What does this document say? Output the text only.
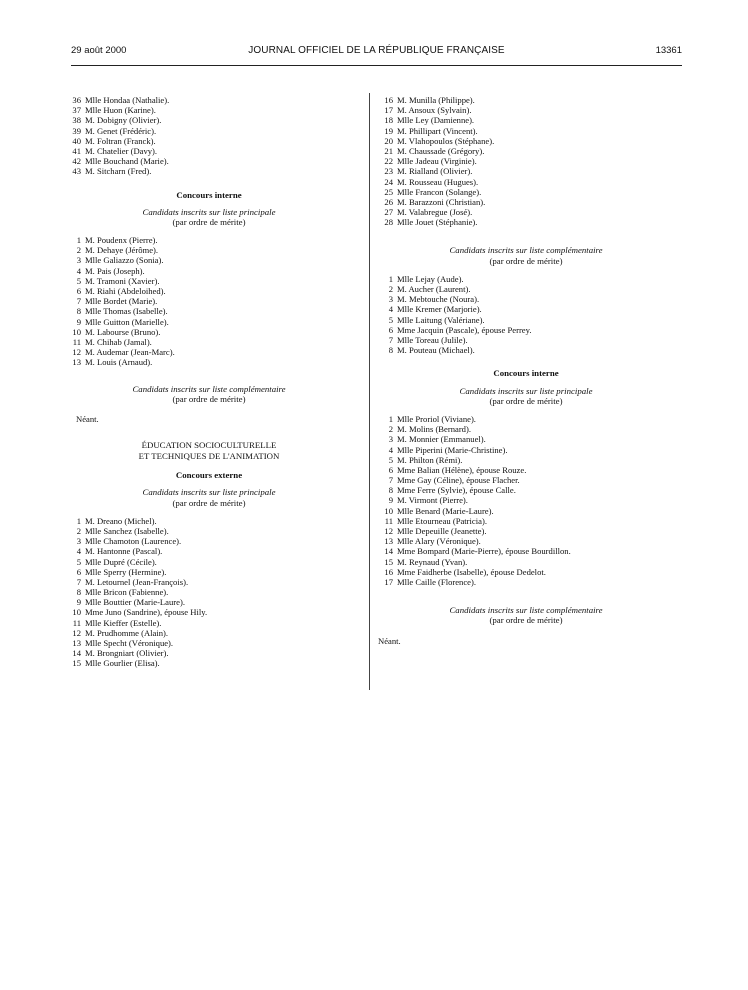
29 août 2000	JOURNAL OFFICIEL DE LA RÉPUBLIQUE FRANÇAISE	13361
36 Mlle Hondaa (Nathalie).
37 Mlle Huon (Karine).
38 M. Dobigny (Olivier).
39 M. Genet (Frédéric).
40 M. Foltran (Franck).
41 M. Chatelier (Davy).
42 Mlle Bouchand (Marie).
43 M. Sitcharn (Fred).
Concours interne
Candidats inscrits sur liste principale
(par ordre de mérite)
1 M. Poudenx (Pierre).
2 M. Dehaye (Jérôme).
3 Mlle Galiazzo (Sonia).
4 M. Pais (Joseph).
5 M. Tramoni (Xavier).
6 M. Riahi (Abdeloihed).
7 Mlle Bordet (Marie).
8 Mlle Thomas (Isabelle).
9 Mlle Guitton (Marielle).
10 M. Labourse (Bruno).
11 M. Chihab (Jamal).
12 M. Audemar (Jean-Marc).
13 M. Louis (Arnaud).
Candidats inscrits sur liste complémentaire
(par ordre de mérite)
Néant.
ÉDUCATION SOCIOCULTURELLE
ET TECHNIQUES DE L'ANIMATION
Concours externe
Candidats inscrits sur liste principale
(par ordre de mérite)
1 M. Dreano (Michel).
2 Mlle Sanchez (Isabelle).
3 Mlle Chamoton (Laurence).
4 M. Hantonne (Pascal).
5 Mlle Dupré (Cécile).
6 Mlle Sperry (Hermine).
7 M. Letournel (Jean-François).
8 Mlle Bricon (Fabienne).
9 Mlle Bouttier (Marie-Laure).
10 Mme Juno (Sandrine), épouse Hily.
11 Mlle Kieffer (Estelle).
12 M. Prudhomme (Alain).
13 Mlle Specht (Véronique).
14 M. Brongniart (Olivier).
15 Mlle Gourlier (Elisa).
16 M. Munilla (Philippe).
17 M. Ansoux (Sylvain).
18 Mlle Ley (Damienne).
19 M. Phillipart (Vincent).
20 M. Vlahopoulos (Stéphane).
21 M. Chaussade (Grégory).
22 Mlle Jadeau (Virginie).
23 M. Rialland (Olivier).
24 M. Rousseau (Hugues).
25 Mlle Francon (Solange).
26 M. Barazzoni (Christian).
27 M. Valabregue (José).
28 Mlle Jouet (Stéphanie).
Candidats inscrits sur liste complémentaire
(par ordre de mérite)
1 Mlle Lejay (Aude).
2 M. Aucher (Laurent).
3 M. Mebtouche (Noura).
4 Mlle Kremer (Marjorie).
5 Mlle Laitung (Valériane).
6 Mme Jacquin (Pascale), épouse Perrey.
7 Mlle Toreau (Julile).
8 M. Pouteau (Michael).
Concours interne
Candidats inscrits sur liste principale
(par ordre de mérite)
1 Mlle Proriol (Viviane).
2 M. Molins (Bernard).
3 M. Monnier (Emmanuel).
4 Mlle Piperini (Marie-Christine).
5 M. Philton (Rémi).
6 Mme Balian (Hélène), épouse Rouze.
7 Mme Gay (Céline), épouse Flacher.
8 Mme Ferre (Sylvie), épouse Calle.
9 M. Virmont (Pierre).
10 Mlle Benard (Marie-Laure).
11 Mlle Etourneau (Patricia).
12 Mlle Depeuille (Jeanette).
13 Mlle Alary (Véronique).
14 Mme Bompard (Marie-Pierre), épouse Bourdillon.
15 M. Reynaud (Yvan).
16 Mme Faidherbe (Isabelle), épouse Dedelot.
17 Mlle Caille (Florence).
Candidats inscrits sur liste complémentaire
(par ordre de mérite)
Néant.
